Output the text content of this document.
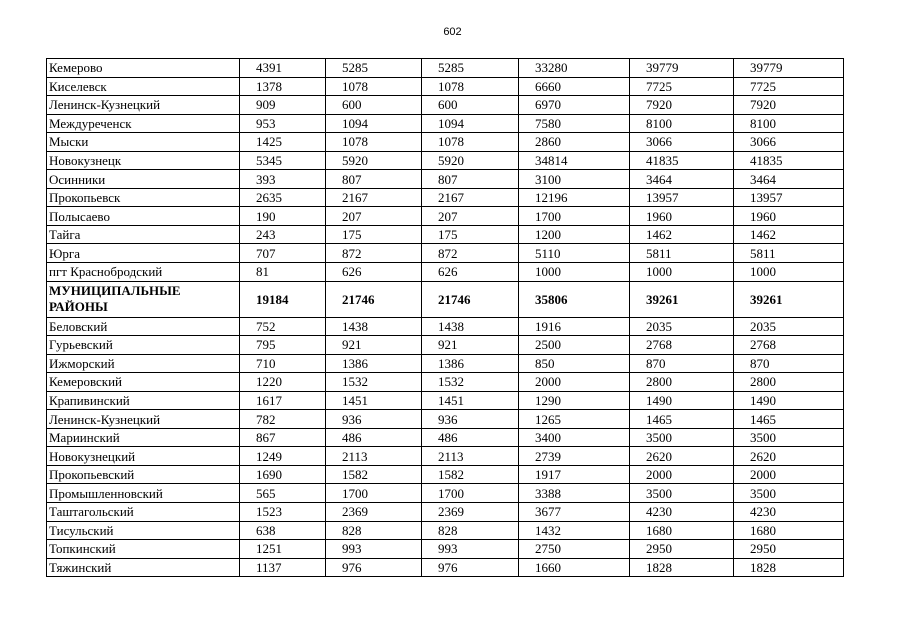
602
Кемерово	4391	5285	5285	33280	39779	39779
Киселевск	1378	1078	1078	6660	7725	7725
Ленинск-Кузнецкий	909	600	600	6970	7920	7920
Междуреченск	953	1094	1094	7580	8100	8100
Мыски	1425	1078	1078	2860	3066	3066
Новокузнецк	5345	5920	5920	34814	41835	41835
Осинники	393	807	807	3100	3464	3464
Прокопьевск	2635	2167	2167	12196	13957	13957
Полысаево	190	207	207	1700	1960	1960
Тайга	243	175	175	1200	1462	1462
Юрга	707	872	872	5110	5811	5811
пгт Краснобродский	81	626	626	1000	1000	1000
МУНИЦИПАЛЬНЫЕ РАЙОНЫ	19184	21746	21746	35806	39261	39261
Беловский	752	1438	1438	1916	2035	2035
Гурьевский	795	921	921	2500	2768	2768
Ижморский	710	1386	1386	850	870	870
Кемеровский	1220	1532	1532	2000	2800	2800
Крапивинский	1617	1451	1451	1290	1490	1490
Ленинск-Кузнецкий	782	936	936	1265	1465	1465
Мариинский	867	486	486	3400	3500	3500
Новокузнецкий	1249	2113	2113	2739	2620	2620
Прокопьевский	1690	1582	1582	1917	2000	2000
Промышленновский	565	1700	1700	3388	3500	3500
Таштагольский	1523	2369	2369	3677	4230	4230
Тисульский	638	828	828	1432	1680	1680
Топкинский	1251	993	993	2750	2950	2950
Тяжинский	1137	976	976	1660	1828	1828
